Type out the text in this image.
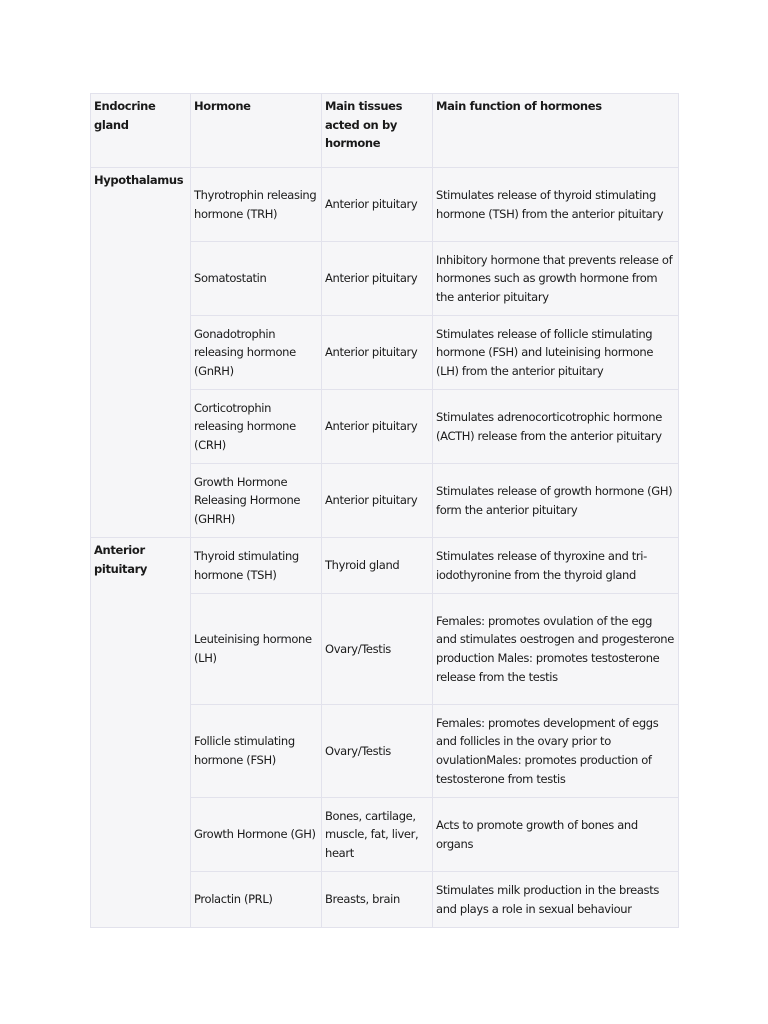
Endocrine gland	Hormone	Main tissues acted on by hormone	Main function of hormones
Hypothalamus	Thyrotrophin releasing hormone (TRH)	Anterior pituitary	Stimulates release of thyroid stimulating hormone (TSH) from the anterior pituitary
	Somatostatin	Anterior pituitary	Inhibitory hormone that prevents release of hormones such as growth hormone from the anterior pituitary
	Gonadotrophin releasing hormone (GnRH)	Anterior pituitary	Stimulates release of follicle stimulating hormone (FSH) and luteinising hormone (LH) from the anterior pituitary
	Corticotrophin releasing hormone (CRH)	Anterior pituitary	Stimulates adrenocorticotrophic hormone (ACTH) release from the anterior pituitary
	Growth Hormone Releasing Hormone (GHRH)	Anterior pituitary	Stimulates release of growth hormone (GH) form the anterior pituitary
Anterior pituitary	Thyroid stimulating hormone (TSH)	Thyroid gland	Stimulates release of thyroxine and tri-iodothyronine from the thyroid gland
	Leuteinising hormone (LH)	Ovary/Testis	Females: promotes ovulation of the egg and stimulates oestrogen and progesterone production Males: promotes testosterone release from the testis
	Follicle stimulating hormone (FSH)	Ovary/Testis	Females: promotes development of eggs and follicles in the ovary prior to ovulationMales: promotes production of testosterone from testis
	Growth Hormone (GH)	Bones, cartilage, muscle, fat, liver, heart	Acts to promote growth of bones and organs
	Prolactin (PRL)	Breasts, brain	Stimulates milk production in the breasts and plays a role in sexual behaviour
